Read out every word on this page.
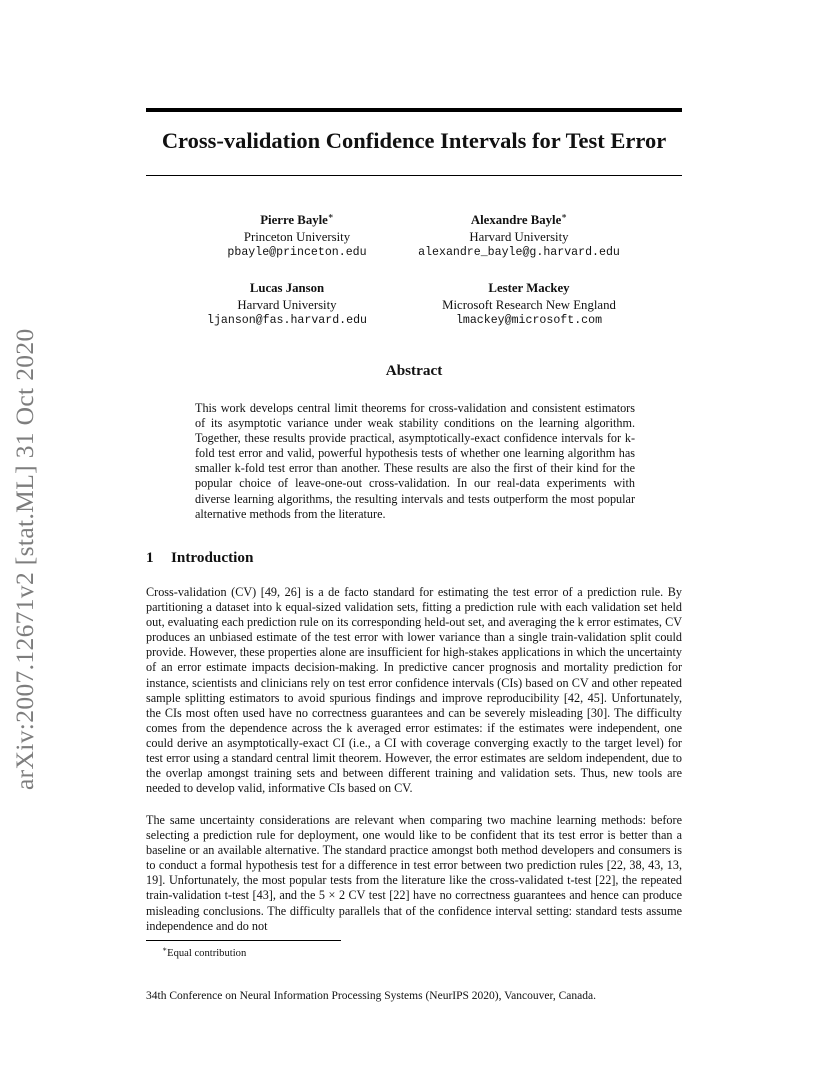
arXiv:2007.12671v2 [stat.ML] 31 Oct 2020
Cross-validation Confidence Intervals for Test Error
Pierre Bayle∗
Princeton University
pbayle@princeton.edu
Alexandre Bayle∗
Harvard University
alexandre_bayle@g.harvard.edu
Lucas Janson
Harvard University
ljanson@fas.harvard.edu
Lester Mackey
Microsoft Research New England
lmackey@microsoft.com
Abstract
This work develops central limit theorems for cross-validation and consistent estimators of its asymptotic variance under weak stability conditions on the learning algorithm. Together, these results provide practical, asymptotically-exact confidence intervals for k-fold test error and valid, powerful hypothesis tests of whether one learning algorithm has smaller k-fold test error than another. These results are also the first of their kind for the popular choice of leave-one-out cross-validation. In our real-data experiments with diverse learning algorithms, the resulting intervals and tests outperform the most popular alternative methods from the literature.
1 Introduction
Cross-validation (CV) [49, 26] is a de facto standard for estimating the test error of a prediction rule. By partitioning a dataset into k equal-sized validation sets, fitting a prediction rule with each validation set held out, evaluating each prediction rule on its corresponding held-out set, and averaging the k error estimates, CV produces an unbiased estimate of the test error with lower variance than a single train-validation split could provide. However, these properties alone are insufficient for high-stakes applications in which the uncertainty of an error estimate impacts decision-making. In predictive cancer prognosis and mortality prediction for instance, scientists and clinicians rely on test error confidence intervals (CIs) based on CV and other repeated sample splitting estimators to avoid spurious findings and improve reproducibility [42, 45]. Unfortunately, the CIs most often used have no correctness guarantees and can be severely misleading [30]. The difficulty comes from the dependence across the k averaged error estimates: if the estimates were independent, one could derive an asymptotically-exact CI (i.e., a CI with coverage converging exactly to the target level) for test error using a standard central limit theorem. However, the error estimates are seldom independent, due to the overlap amongst training sets and between different training and validation sets. Thus, new tools are needed to develop valid, informative CIs based on CV.
The same uncertainty considerations are relevant when comparing two machine learning methods: before selecting a prediction rule for deployment, one would like to be confident that its test error is better than a baseline or an available alternative. The standard practice amongst both method developers and consumers is to conduct a formal hypothesis test for a difference in test error between two prediction rules [22, 38, 43, 13, 19]. Unfortunately, the most popular tests from the literature like the cross-validated t-test [22], the repeated train-validation t-test [43], and the 5 × 2 CV test [22] have no correctness guarantees and hence can produce misleading conclusions. The difficulty parallels that of the confidence interval setting: standard tests assume independence and do not
∗Equal contribution
34th Conference on Neural Information Processing Systems (NeurIPS 2020), Vancouver, Canada.
